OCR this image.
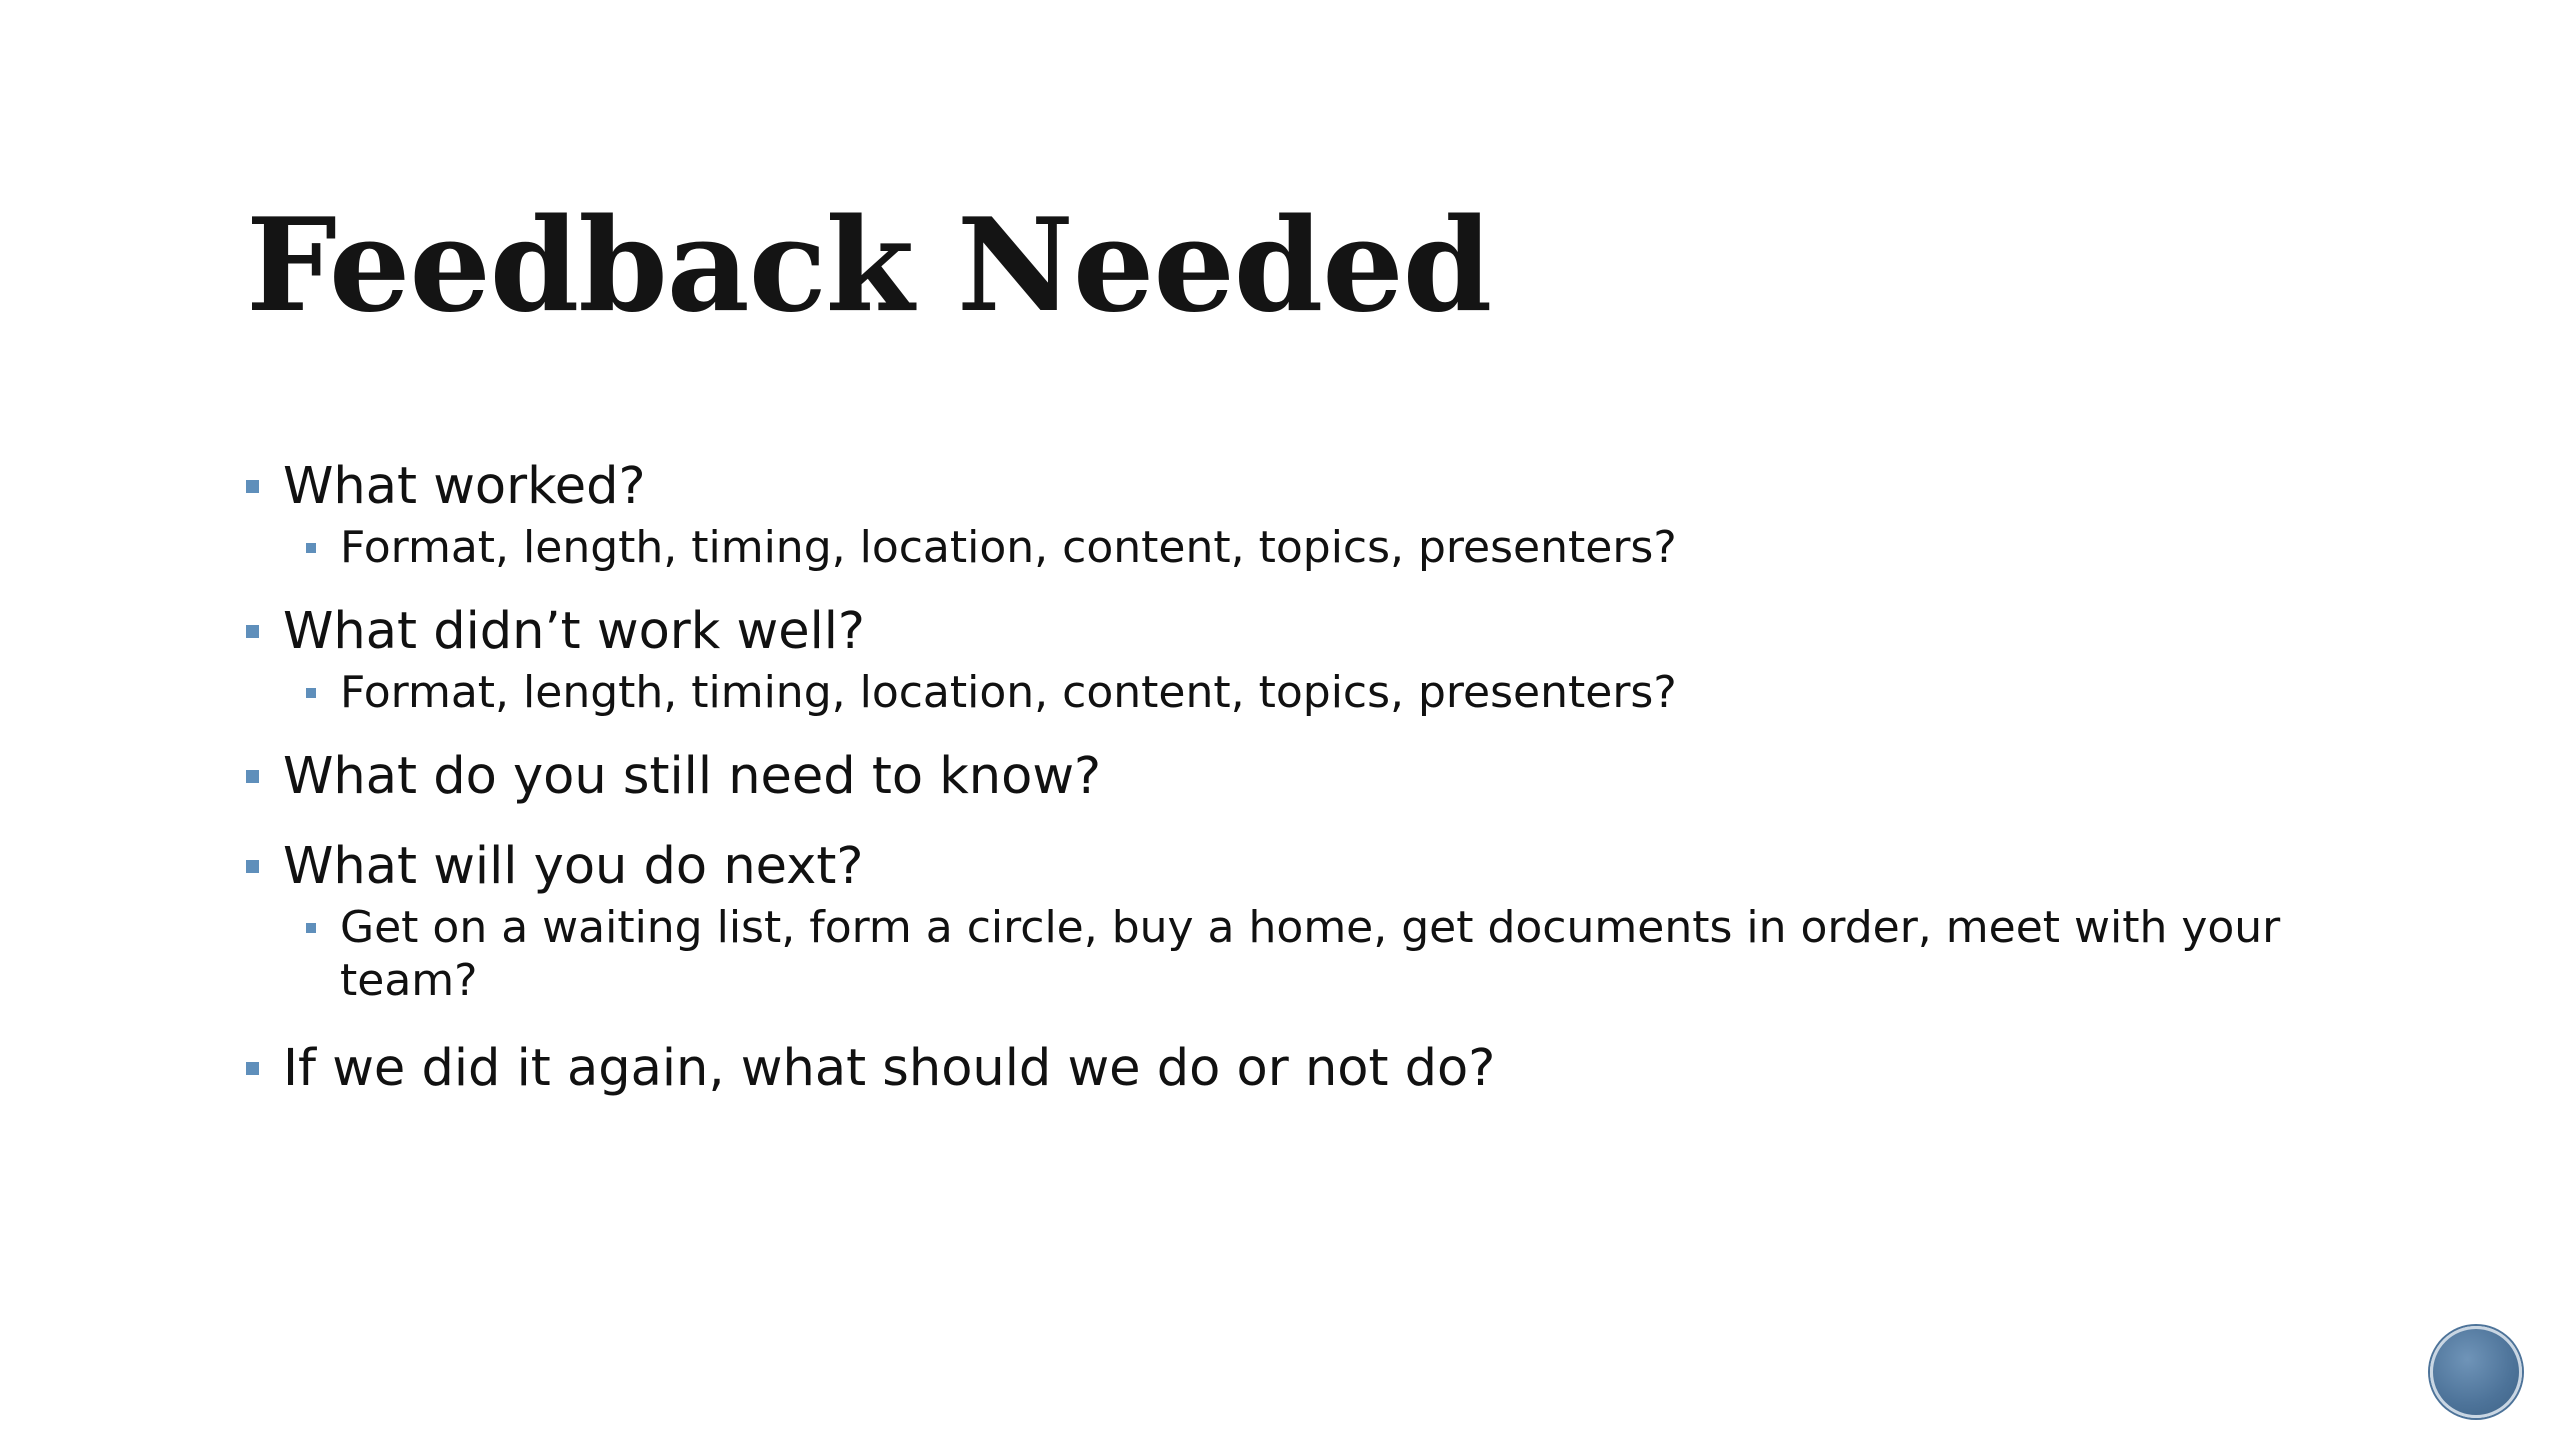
Feedback Needed
What worked?
Format, length, timing, location, content, topics, presenters?
What didn’t work well?
Format, length, timing, location, content, topics, presenters?
What do you still need to know?
What will you do next?
Get on a waiting list, form a circle, buy a home, get documents in order, meet with your team?
If we did it again, what should we do or not do?
